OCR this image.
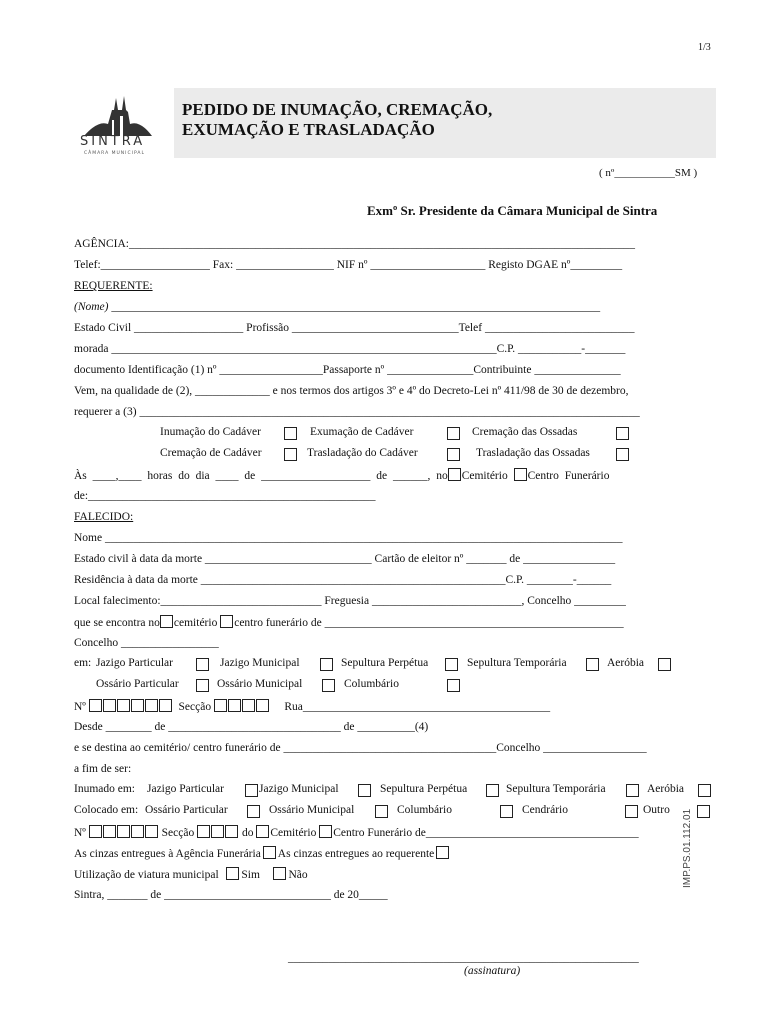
1/3
SINTRA
CÂMARA MUNICIPAL
PEDIDO DE INUMAÇÃO, CREMAÇÃO,
EXUMAÇÃO E TRASLADAÇÃO
( nº___________SM )
Exmº Sr. Presidente da Câmara Municipal de Sintra
AGÊNCIA:________________________________________________________________________________________
Telef:___________________ Fax: _________________ NIF nº ____________________ Registo DGAE nº_________
REQUERENTE:
(Nome) _____________________________________________________________________________________
Estado Civil ___________________ Profissão _____________________________Telef __________________________
morada ___________________________________________________________________C.P. ___________-_______
documento Identificação (1) nº __________________Passaporte nº _______________Contribuinte _______________
Vem, na qualidade de (2), _____________ e nos termos dos artigos 3º e 4º do Decreto-Lei nº 411/98 de 30 de dezembro,
requerer a (3) _______________________________________________________________________________________
Inumação do Cadáver	Exumação de Cadáver	Cremação das Ossadas
Cremação de Cadáver	Trasladação do Cadáver	Trasladação das Ossadas
Às ____,____ horas do dia ____ de ___________________ de ______, no Cemitério Centro Funerário
de:__________________________________________________
FALECIDO:
Nome __________________________________________________________________________________________
Estado civil à data da morte _____________________________ Cartão de eleitor nº _______ de ________________
Residência à data da morte _____________________________________________________C.P. ________-______
Local falecimento:____________________________ Freguesia __________________________, Concelho _________
que se encontra no cemitério centro funerário de ____________________________________________________
Concelho _________________
em: Jazigo Particular	Jazigo Municipal	Sepultura Perpétua	Sepultura Temporária	Aeróbia
Ossário Particular	Ossário Municipal	Columbário
Nº	Secção	Rua___________________________________________
Desde ________ de ______________________________ de __________(4)
e se destina ao cemitério/ centro funerário de _____________________________________Concelho __________________
a fim de ser:
Inumado em: Jazigo Particular	Jazigo Municipal	Sepultura Perpétua	Sepultura Temporária	Aeróbia
Colocado em: Ossário Particular	Ossário Municipal	Columbário	Cendrário	Outro
Nº	Secção	do Cemitério Centro Funerário de_____________________________________
As cinzas entregues à Agência Funerária As cinzas entregues ao requerente
Utilização de viatura municipal Sim Não
Sintra, _______ de _____________________________ de 20_____
_____________________________________________________________
(assinatura)
IMP.PS.01.112.01
